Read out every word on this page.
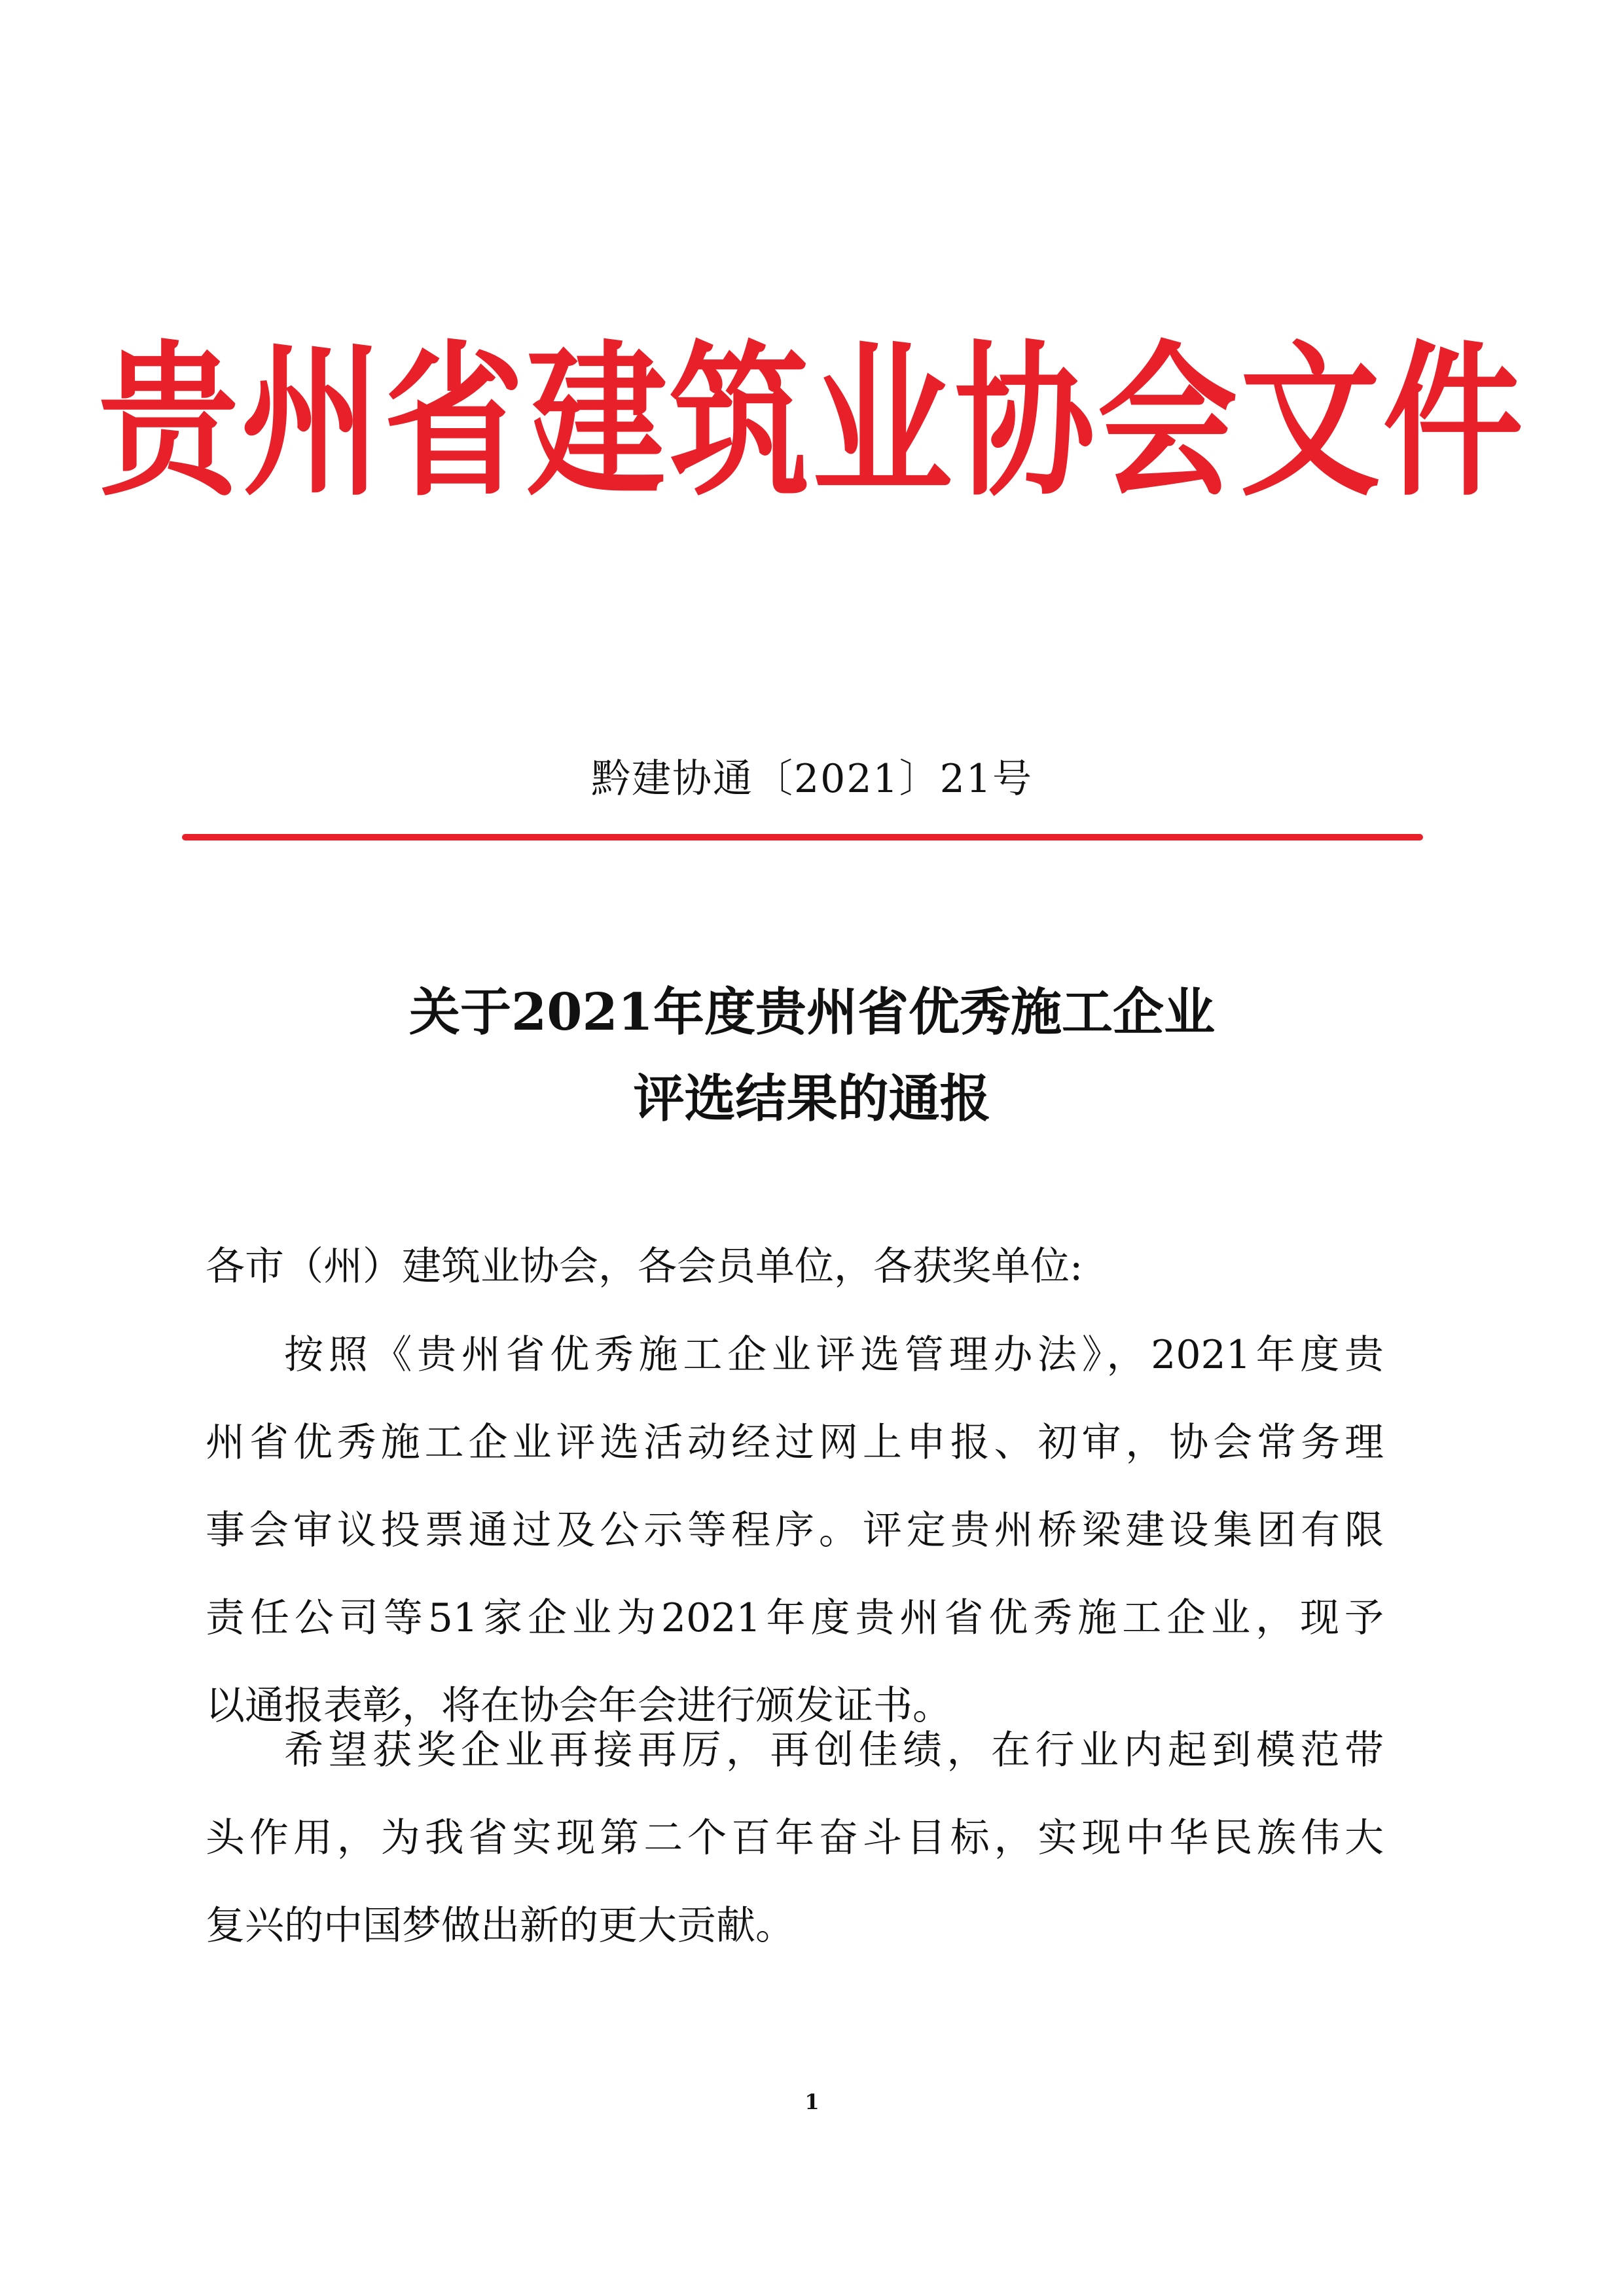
贵州省建筑业协会文件
黔建协通〔2021〕21号
关于2021年度贵州省优秀施工企业
评选结果的通报
各市（州）建筑业协会，各会员单位，各获奖单位:
按照《贵州省优秀施工企业评选管理办法》，2021年度贵
州省优秀施工企业评选活动经过网上申报、初审，协会常务理
事会审议投票通过及公示等程序。评定贵州桥梁建设集团有限
责任公司等51家企业为2021年度贵州省优秀施工企业，现予
以通报表彰，将在协会年会进行颁发证书。
希望获奖企业再接再厉，再创佳绩，在行业内起到模范带
头作用，为我省实现第二个百年奋斗目标，实现中华民族伟大
复兴的中国梦做出新的更大贡献。
1
